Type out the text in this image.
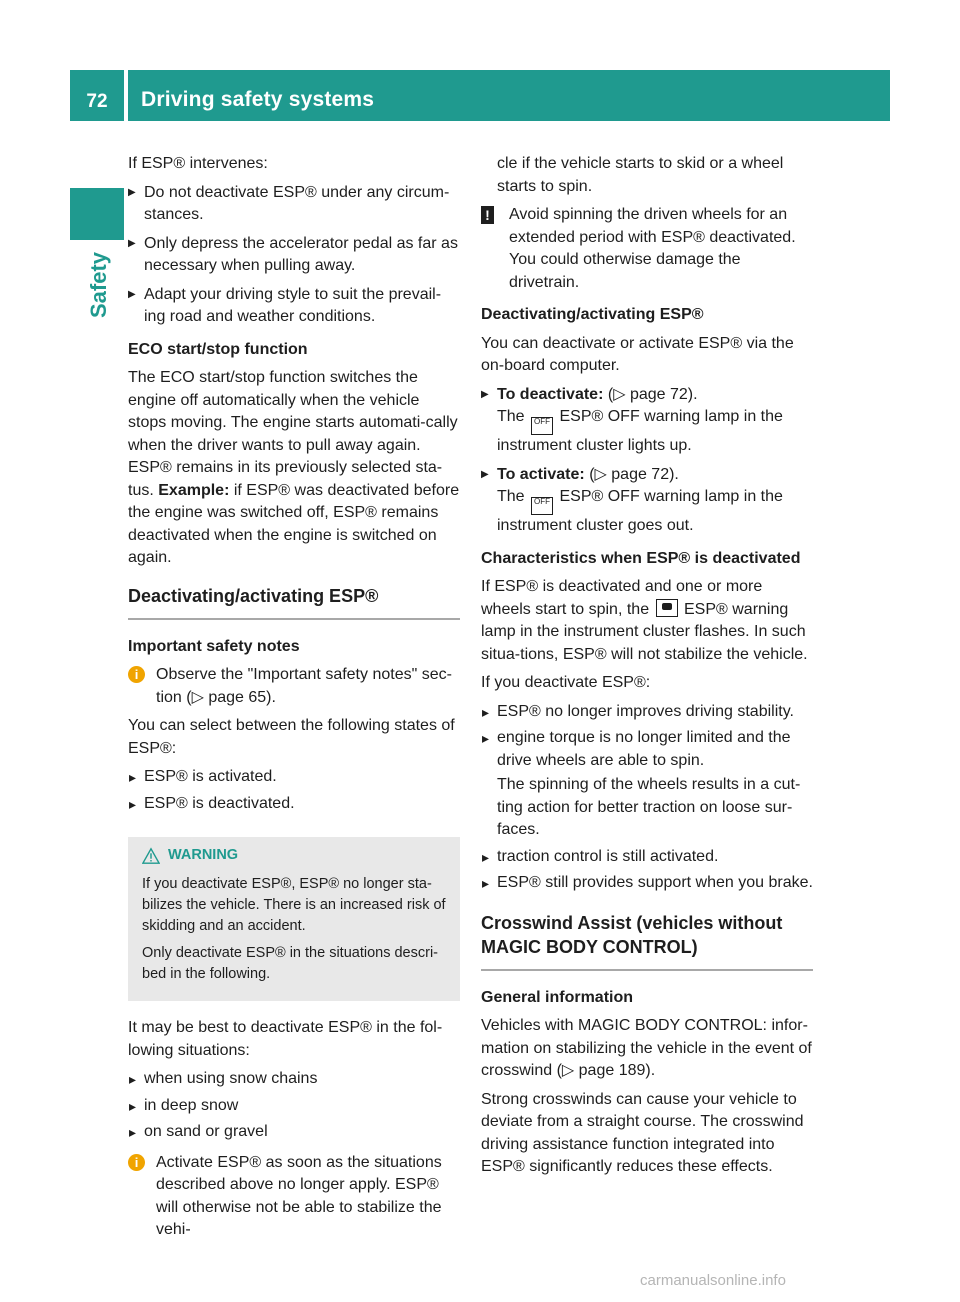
72	Driving safety systems
Safety

If ESP® intervenes:

▶ Do not deactivate ESP® under any circum-stances.
▶ Only depress the accelerator pedal as far as necessary when pulling away.
▶ Adapt your driving style to suit the prevail-ing road and weather conditions.
ECO start/stop function

The ECO start/stop function switches the engine off automatically when the vehicle stops moving. The engine starts automati-cally when the driver wants to pull away again. ESP® remains in its previously selected sta-tus. Example: if ESP® was deactivated before the engine was switched off, ESP® remains deactivated when the engine is switched on again.

Deactivating/activating ESP®
Important safety notes
i	Observe the "Important safety notes" sec-tion (▷ page 65).

You can select between the following states of ESP®:

▸ ESP® is activated.
▸ ESP® is deactivated.
WARNING

If you deactivate ESP®, ESP® no longer sta-bilizes the vehicle. There is an increased risk of skidding and an accident.

Only deactivate ESP® in the situations descri-bed in the following.

It may be best to deactivate ESP® in the fol-lowing situations:

▸ when using snow chains
▸ in deep snow
▸ on sand or gravel
i	Activate ESP® as soon as the situations described above no longer apply. ESP® will otherwise not be able to stabilize the vehi-

cle if the vehicle starts to skid or a wheel starts to spin.

! Avoid spinning the driven wheels for an extended period with ESP® deactivated. You could otherwise damage the drivetrain.
Deactivating/activating ESP®

You can deactivate or activate ESP® via the on-board computer.

▶ To deactivate: (▷ page 72).
The OFF ESP® OFF warning lamp in the instrument cluster lights up.
▶ To activate: (▷ page 72).
The OFF ESP® OFF warning lamp in the instrument cluster goes out.
Characteristics when ESP® is deactivated

If ESP® is deactivated and one or more wheels start to spin, the ESP® warning lamp in the instrument cluster flashes. In such situa-tions, ESP® will not stabilize the vehicle.

If you deactivate ESP®:

▸ ESP® no longer improves driving stability.
▸ engine torque is no longer limited and the drive wheels are able to spin.
The spinning of the wheels results in a cut-ting action for better traction on loose sur-faces.
▸ traction control is still activated.
▸ ESP® still provides support when you brake.
Crosswind Assist (vehicles without MAGIC BODY CONTROL)
General information

Vehicles with MAGIC BODY CONTROL: infor-mation on stabilizing the vehicle in the event of crosswind (▷ page 189).

Strong crosswinds can cause your vehicle to deviate from a straight course. The crosswind driving assistance function integrated into ESP® significantly reduces these effects.

carmanualsonline.info
